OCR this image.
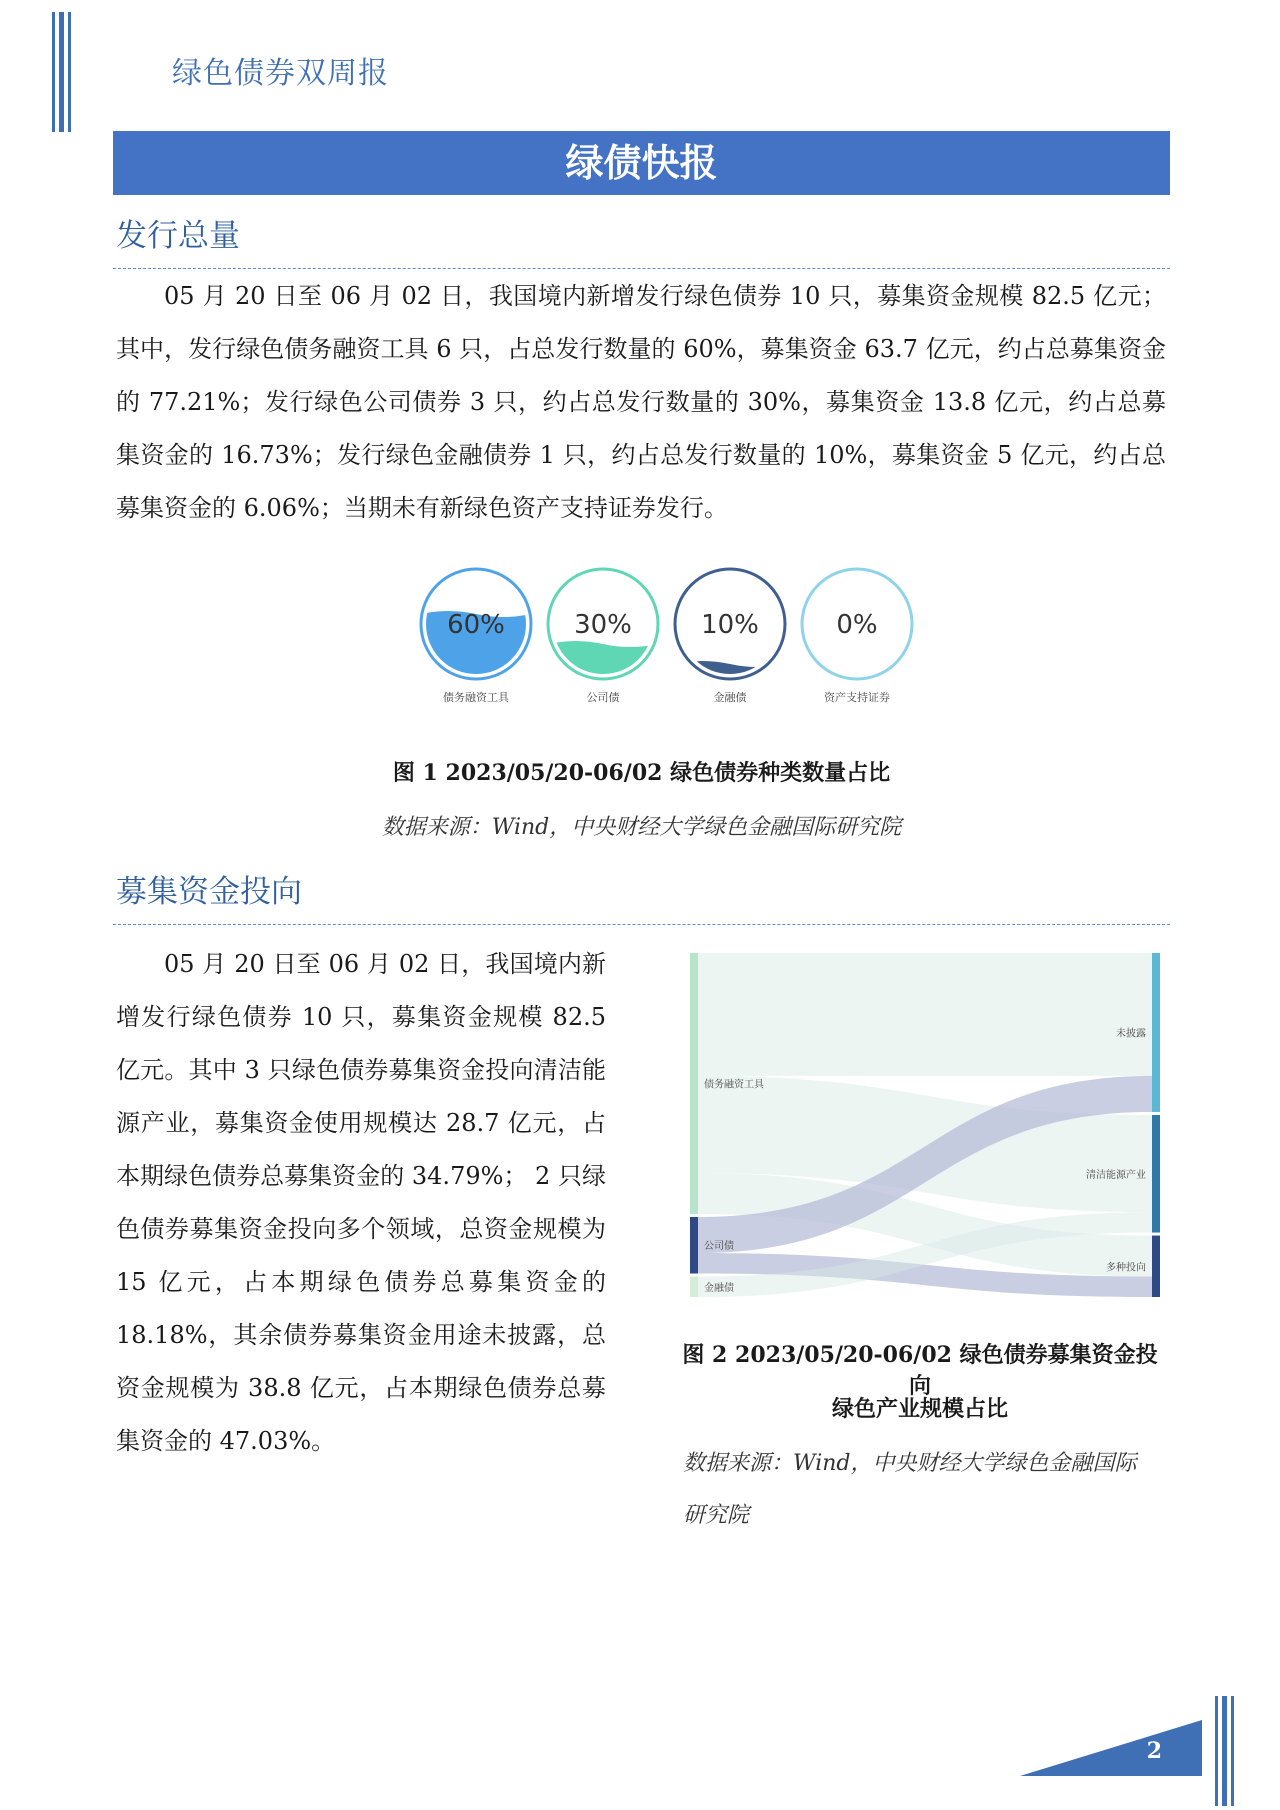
绿色债券双周报
绿债快报
发行总量

05 月 20 日至 06 月 02 日，我国境内新增发行绿色债券 10 只，募集资金规模 82.5 亿元；其中，发行绿色债务融资工具 6 只，占总发行数量的 60%，募集资金 63.7 亿元，约占总募集资金的 77.21%；发行绿色公司债券 3 只，约占总发行数量的 30%，募集资金 13.8 亿元，约占总募集资金的 16.73%；发行绿色金融债券 1 只，约占总发行数量的 10%，募集资金 5 亿元，约占总募集资金的 6.06%；当期未有新绿色资产支持证券发行。

60%
债务融资工具
30%
公司债
10%
金融债
0%
资产支持证券
图 1 2023/05/20-06/02 绿色债券种类数量占比
数据来源：Wind，中央财经大学绿色金融国际研究院
募集资金投向

05 月 20 日至 06 月 02 日，我国境内新增发行绿色债券 10 只，募集资金规模 82.5 亿元。其中 3 只绿色债券募集资金投向清洁能源产业，募集资金使用规模达 28.7 亿元，占本期绿色债券总募集资金的 34.79%； 2 只绿色债券募集资金投向多个领域，总资金规模为 15 亿元，占本期绿色债券总募集资金的 18.18%，其余债券募集资金用途未披露，总资金规模为 38.8 亿元，占本期绿色债券总募集资金的 47.03%。

债务融资工具
公司债
金融债
未披露
清洁能源产业
多种投向
图 2 2023/05/20-06/02 绿色债券募集资金投向
绿色产业规模占比
数据来源：Wind，中央财经大学绿色金融国际
研究院
2
